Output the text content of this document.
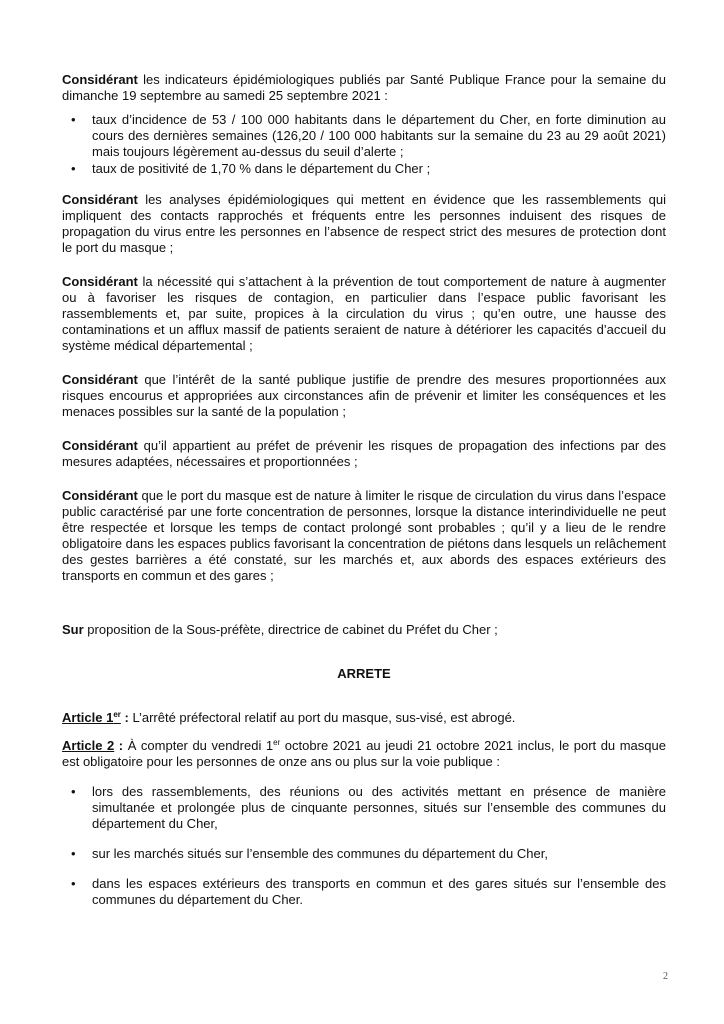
Considérant les indicateurs épidémiologiques publiés par Santé Publique France pour la semaine du dimanche 19 septembre au samedi 25 septembre 2021 :

• taux d’incidence de 53 / 100 000 habitants dans le département du Cher, en forte diminution au cours des dernières semaines (126,20 / 100 000 habitants sur la semaine du 23 au 29 août 2021) mais toujours légèrement au-dessus du seuil d’alerte ;
• taux de positivité de 1,70 % dans le département du Cher ;

Considérant les analyses épidémiologiques qui mettent en évidence que les rassemblements qui impliquent des contacts rapprochés et fréquents entre les personnes induisent des risques de propagation du virus entre les personnes en l’absence de respect strict des mesures de protection dont le port du masque ;

Considérant la nécessité qui s’attachent à la prévention de tout comportement de nature à augmenter ou à favoriser les risques de contagion, en particulier dans l’espace public favorisant les rassemblements et, par suite, propices à la circulation du virus ; qu’en outre, une hausse des contaminations et un afflux massif de patients seraient de nature à détériorer les capacités d’accueil du système médical départemental ;

Considérant que l’intérêt de la santé publique justifie de prendre des mesures proportionnées aux risques encourus et appropriées aux circonstances afin de prévenir et limiter les conséquences et les menaces possibles sur la santé de la population ;

Considérant qu’il appartient au préfet de prévenir les risques de propagation des infections par des mesures adaptées, nécessaires et proportionnées ;

Considérant que le port du masque est de nature à limiter le risque de circulation du virus dans l’espace public caractérisé par une forte concentration de personnes, lorsque la distance interindividuelle ne peut être respectée et lorsque les temps de contact prolongé sont probables ; qu’il y a lieu de le rendre obligatoire dans les espaces publics favorisant la concentration de piétons dans lesquels un relâchement des gestes barrières a été constaté, sur les marchés et, aux abords des espaces extérieurs des transports en commun et des gares ;

Sur proposition de la Sous-préfète, directrice de cabinet du Préfet du Cher ;

ARRETE

Article 1er : L’arrêté préfectoral relatif au port du masque, sus-visé, est abrogé.

Article 2 : À compter du vendredi 1er octobre 2021 au jeudi 21 octobre 2021 inclus, le port du masque est obligatoire pour les personnes de onze ans ou plus sur la voie publique :

• lors des rassemblements, des réunions ou des activités mettant en présence de manière simultanée et prolongée plus de cinquante personnes, situés sur l’ensemble des communes du département du Cher,
• sur les marchés situés sur l’ensemble des communes du département du Cher,
• dans les espaces extérieurs des transports en commun et des gares situés sur l’ensemble des communes du département du Cher.
2
